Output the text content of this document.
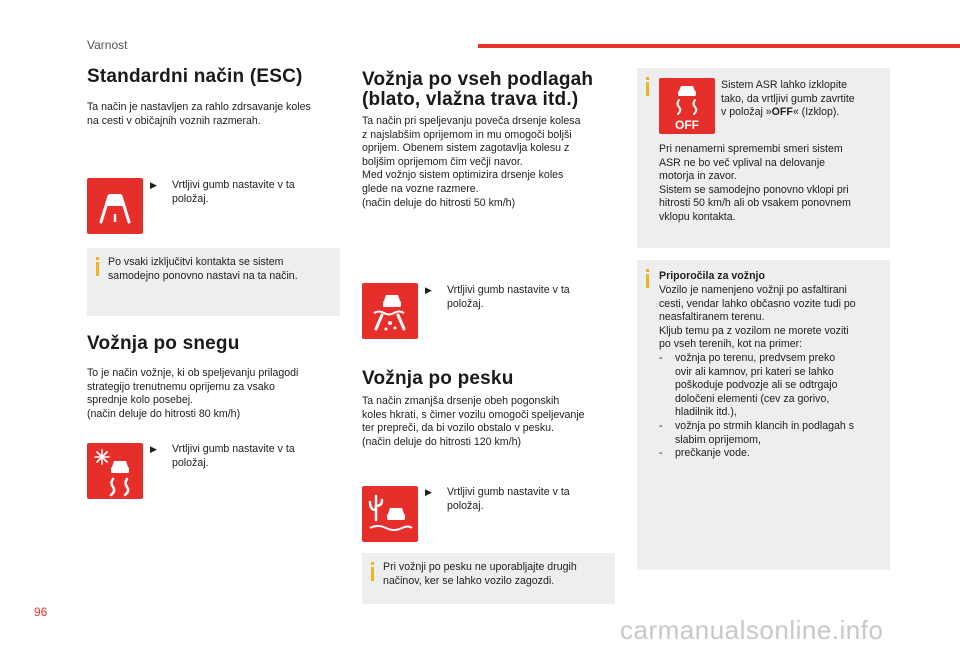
Varnost
Standardni način (ESC)

Ta način je nastavljen za rahlo zdrsavanje koles
na cesti v običajnih voznih razmerah.

▶	Vrtljivi gumb nastavite v ta
položaj.

Po vsaki izključitvi kontakta se sistem
samodejno ponovno nastavi na ta način.

Vožnja po snegu

To je način vožnje, ki ob speljevanju prilagodi
strategijo trenutnemu oprijemu za vsako
sprednje kolo posebej.
(način deluje do hitrosti 80 km/h)

▶	Vrtljivi gumb nastavite v ta
položaj.
Vožnja po vseh podlagah
(blato, vlažna trava itd.)

Ta način pri speljevanju poveča drsenje kolesa
z najslabšim oprijemom in mu omogoči boljši
oprijem. Obenem sistem zagotavlja kolesu z
boljšim oprijemom čim večji navor.
Med vožnjo sistem optimizira drsenje koles
glede na vozne razmere.
(način deluje do hitrosti 50 km/h)

▶	Vrtljivi gumb nastavite v ta
položaj.
Vožnja po pesku

Ta način zmanjša drsenje obeh pogonskih
koles hkrati, s čimer vozilu omogoči speljevanje
ter prepreči, da bi vozilo obstalo v pesku.
(način deluje do hitrosti 120 km/h)

▶	Vrtljivi gumb nastavite v ta
položaj.

Pri vožnji po pesku ne uporabljajte drugih
načinov, ker se lahko vozilo zagozdi.

OFF

Sistem ASR lahko izklopite
tako, da vrtljivi gumb zavrtite
v položaj »OFF« (Izklop).

Pri nenamerni spremembi smeri sistem
ASR ne bo več vplival na delovanje
motorja in zavor.
Sistem se samodejno ponovno vklopi pri
hitrosti 50 km/h ali ob vsakem ponovnem
vklopu kontakta.

Priporočila za vožnjo

Vozilo je namenjeno vožnji po asfaltirani
cesti, vendar lahko občasno vozite tudi po
neasfaltiranem terenu.
Kljub temu pa z vozilom ne morete voziti
po vseh terenih, kot na primer:

-	vožnja po terenu, predvsem preko
ovir ali kamnov, pri kateri se lahko
poškoduje podvozje ali se odtrgajo
določeni elementi (cev za gorivo,
hladilnik itd.),
-	vožnja po strmih klancih in podlagah s
slabim oprijemom,
-	prečkanje vode.
96
carmanualsonline.info
